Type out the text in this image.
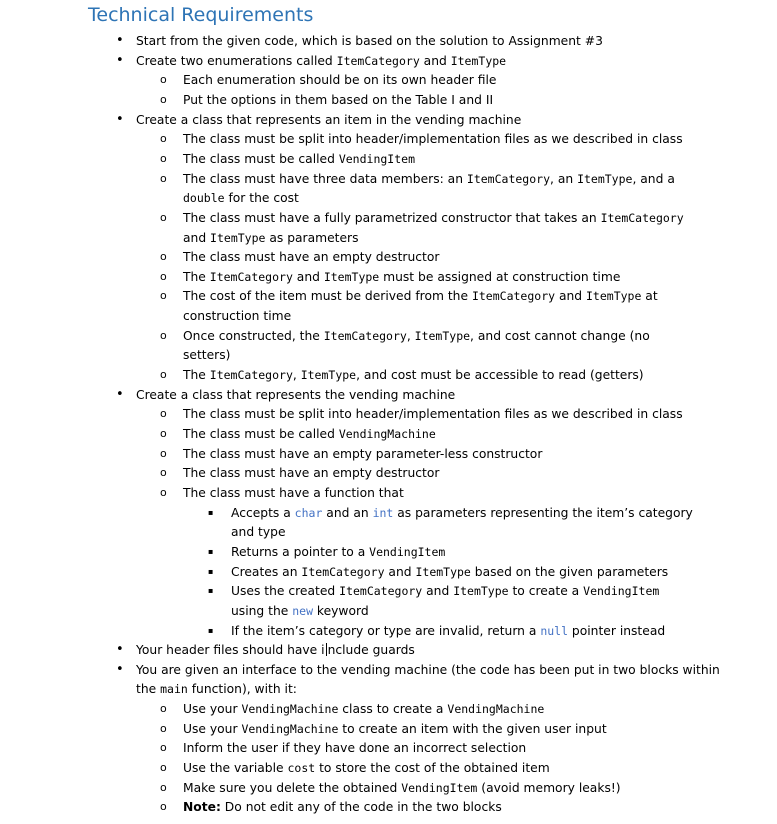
Technical Requirements
• Start from the given code, which is based on the solution to Assignment #3
• Create two enumerations called ItemCategory and ItemType
o Each enumeration should be on its own header file
o Put the options in them based on the Table I and II
• Create a class that represents an item in the vending machine
o The class must be split into header/implementation files as we described in class
o The class must be called VendingItem
o The class must have three data members: an ItemCategory, an ItemType, and a
double for the cost
o The class must have a fully parametrized constructor that takes an ItemCategory
and ItemType as parameters
o The class must have an empty destructor
o The ItemCategory and ItemType must be assigned at construction time
o The cost of the item must be derived from the ItemCategory and ItemType at
construction time
o Once constructed, the ItemCategory, ItemType, and cost cannot change (no
setters)
o The ItemCategory, ItemType, and cost must be accessible to read (getters)
• Create a class that represents the vending machine
o The class must be split into header/implementation files as we described in class
o The class must be called VendingMachine
o The class must have an empty parameter-less constructor
o The class must have an empty destructor
o The class must have a function that
▪ Accepts a char and an int as parameters representing the item’s category
and type
▪ Returns a pointer to a VendingItem
▪ Creates an ItemCategory and ItemType based on the given parameters
▪ Uses the created ItemCategory and ItemType to create a VendingItem
using the new keyword
▪ If the item’s category or type are invalid, return a null pointer instead
• Your header files should have i nclude guards
• You are given an interface to the vending machine (the code has been put in two blocks within
the main function), with it:
o Use your VendingMachine class to create a VendingMachine
o Use your VendingMachine to create an item with the given user input
o Inform the user if they have done an incorrect selection
o Use the variable cost to store the cost of the obtained item
o Make sure you delete the obtained VendingItem (avoid memory leaks!)
o Note: Do not edit any of the code in the two blocks
